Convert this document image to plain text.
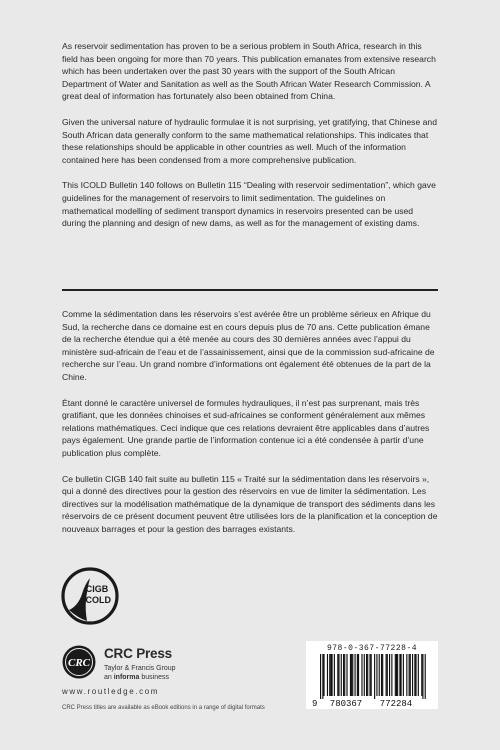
As reservoir sedimentation has proven to be a serious problem in South Africa, research in this field has been ongoing for more than 70 years. This publication emanates from extensive research which has been undertaken over the past 30 years with the support of the South African Department of Water and Sanitation as well as the South African Water Research Commission. A great deal of information has fortunately also been obtained from China.

Given the universal nature of hydraulic formulae it is not surprising, yet gratifying, that Chinese and South African data generally conform to the same mathematical relationships. This indicates that these relationships should be applicable in other countries as well. Much of the information contained here has been condensed from a more comprehensive publication.

This ICOLD Bulletin 140 follows on Bulletin 115 “Dealing with reservoir sedimentation”, which gave guidelines for the management of reservoirs to limit sedimentation. The guidelines on mathematical modelling of sediment transport dynamics in reservoirs presented can be used during the planning and design of new dams, as well as for the management of existing dams.

Comme la sédimentation dans les réservoirs s’est avérée être un problème sérieux en Afrique du Sud, la recherche dans ce domaine est en cours depuis plus de 70 ans. Cette publication émane de la recherche étendue qui a été menée au cours des 30 dernières années avec l’appui du ministère sud-africain de l’eau et de l’assainissement, ainsi que de la commission sud-africaine de recherche sur l’eau. Un grand nombre d’informations ont également été obtenues de la part de la Chine.

Étant donné le caractère universel de formules hydrauliques, il n’est pas surprenant, mais très gratifiant, que les données chinoises et sud-africaines se conforment généralement aux mêmes relations mathématiques. Ceci indique que ces relations devraient être applicables dans d’autres pays également. Une grande partie de l’information contenue ici a été condensée à partir d’une publication plus complète.

Ce bulletin CIGB 140 fait suite au bulletin 115 « Traité sur la sédimentation dans les réservoirs », qui a donné des directives pour la gestion des réservoirs en vue de limiter la sédimentation. Les directives sur la modélisation mathématique de la dynamique de transport des sédiments dans les réservoirs de ce présent document peuvent être utilisées lors de la planification et la conception de nouveaux barrages et pour la gestion des barrages existants.

CIGB
ICOLD
CRC
CRC Press
Taylor & Francis Group
an informa business
www.routledge.com
CRC Press titles are available as eBook editions in a range of digital formats
978-0-367-77228-4
9 780367 772284
